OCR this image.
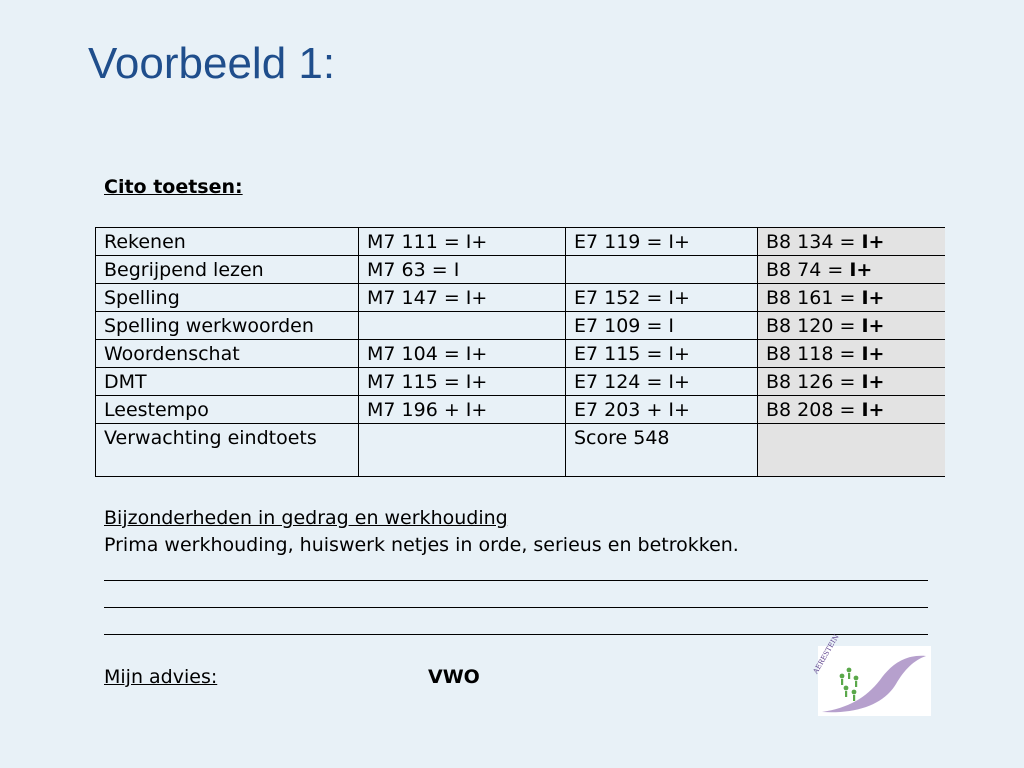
Voorbeeld 1:
Cito toetsen:
Rekenen	M7 111 = I+	E7 119 = I+	B8 134 = I+
Begrijpend lezen	M7 63 = I		B8 74 = I+
Spelling	M7 147 = I+	E7 152 = I+	B8 161 = I+
Spelling werkwoorden		E7 109 = I	B8 120 = I+
Woordenschat	M7 104 = I+	E7 115 = I+	B8 118 = I+
DMT	M7 115 = I+	E7 124 = I+	B8 126 = I+
Leestempo	M7 196 + I+	E7 203 + I+	B8 208 = I+
Verwachting eindtoets		Score 548	
Bijzonderheden in gedrag en werkhouding
Prima werkhouding, huiswerk netjes in orde, serieus en betrokken.
Mijn advies:	VWO
AERESTEIN
